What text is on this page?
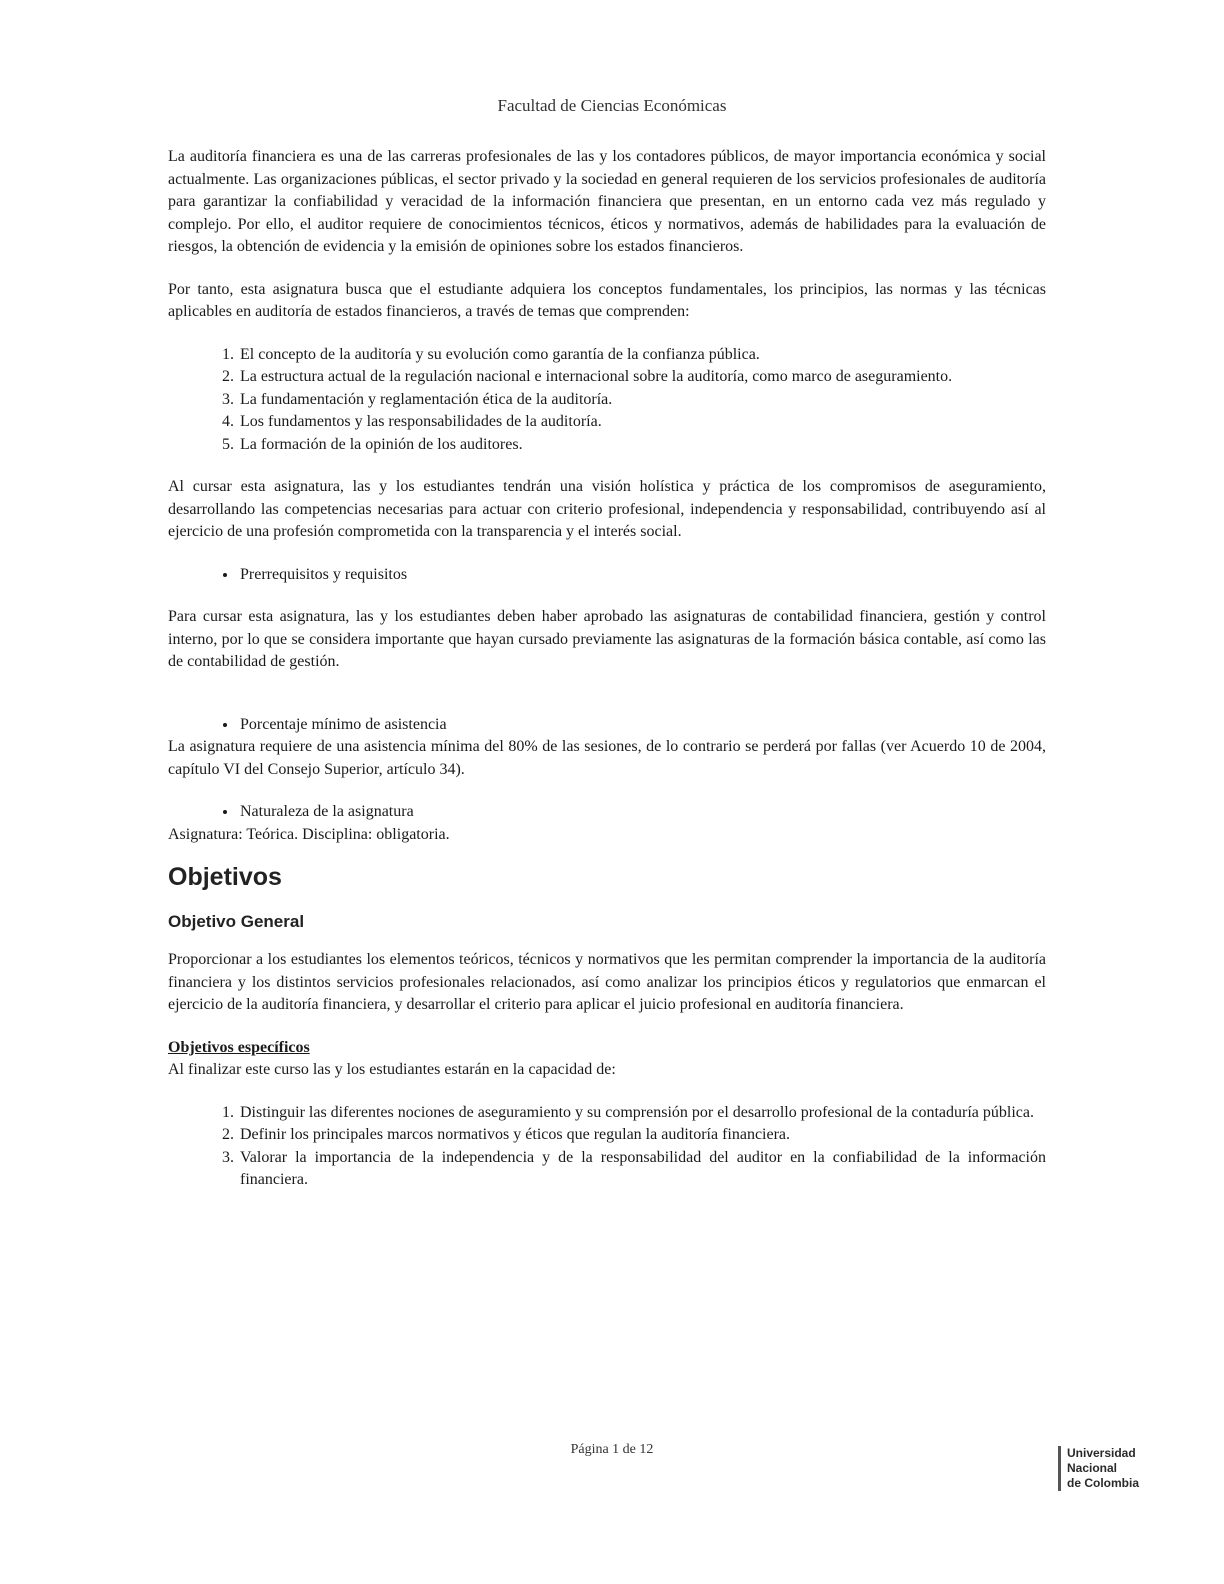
Facultad de Ciencias Económicas

La auditoría financiera es una de las carreras profesionales de las y los contadores públicos, de mayor importancia económica y social actualmente. Las organizaciones públicas, el sector privado y la sociedad en general requieren de los servicios profesionales de auditoría para garantizar la confiabilidad y veracidad de la información financiera que presentan, en un entorno cada vez más regulado y complejo. Por ello, el auditor requiere de conocimientos técnicos, éticos y normativos, además de habilidades para la evaluación de riesgos, la obtención de evidencia y la emisión de opiniones sobre los estados financieros.

Por tanto, esta asignatura busca que el estudiante adquiera los conceptos fundamentales, los principios, las normas y las técnicas aplicables en auditoría de estados financieros, a través de temas que comprenden:

1. El concepto de la auditoría y su evolución como garantía de la confianza pública.
2. La estructura actual de la regulación nacional e internacional sobre la auditoría, como marco de aseguramiento.
3. La fundamentación y reglamentación ética de la auditoría.
4. Los fundamentos y las responsabilidades de la auditoría.
5. La formación de la opinión de los auditores.

Al cursar esta asignatura, las y los estudiantes tendrán una visión holística y práctica de los compromisos de aseguramiento, desarrollando las competencias necesarias para actuar con criterio profesional, independencia y responsabilidad, contribuyendo así al ejercicio de una profesión comprometida con la transparencia y el interés social.

• Prerrequisitos y requisitos

Para cursar esta asignatura, las y los estudiantes deben haber aprobado las asignaturas de contabilidad financiera, gestión y control interno, por lo que se considera importante que hayan cursado previamente las asignaturas de la formación básica contable, así como las de contabilidad de gestión.

• Porcentaje mínimo de asistencia

La asignatura requiere de una asistencia mínima del 80% de las sesiones, de lo contrario se perderá por fallas (ver Acuerdo 10 de 2004, capítulo VI del Consejo Superior, artículo 34).

• Naturaleza de la asignatura

Asignatura: Teórica. Disciplina: obligatoria.

Objetivos
Objetivo General

Proporcionar a los estudiantes los elementos teóricos, técnicos y normativos que les permitan comprender la importancia de la auditoría financiera y los distintos servicios profesionales relacionados, así como analizar los principios éticos y regulatorios que enmarcan el ejercicio de la auditoría financiera, y desarrollar el criterio para aplicar el juicio profesional en auditoría financiera.

Objetivos específicos

Al finalizar este curso las y los estudiantes estarán en la capacidad de:

1. Distinguir las diferentes nociones de aseguramiento y su comprensión por el desarrollo profesional de la contaduría pública.
2. Definir los principales marcos normativos y éticos que regulan la auditoría financiera.
3. Valorar la importancia de la independencia y de la responsabilidad del auditor en la confiabilidad de la información financiera.
Página 1 de 12	Universidad
Nacional
de Colombia
